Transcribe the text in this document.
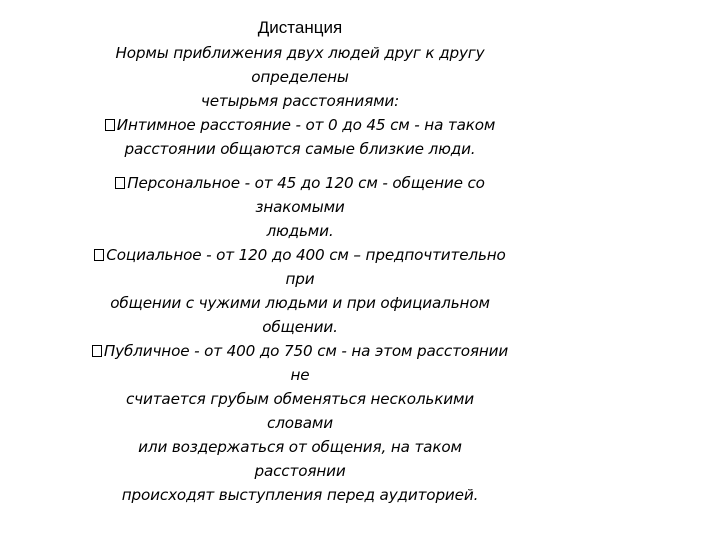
Дистанция
Нормы приближения двух людей друг к другу
определены
четырьмя расстояниями:
Интимное расстояние - от 0 до 45 см - на таком
расстоянии общаются самые близкие люди.
Персональное - от 45 до 120 см - общение со
знакомыми
людьми.
Социальное - от 120 до 400 см – предпочтительно
при
общении с чужими людьми и при официальном
общении.
Публичное - от 400 до 750 см - на этом расстоянии
не
считается грубым обменяться несколькими
словами
или воздержаться от общения, на таком
расстоянии
происходят выступления перед аудиторией.
